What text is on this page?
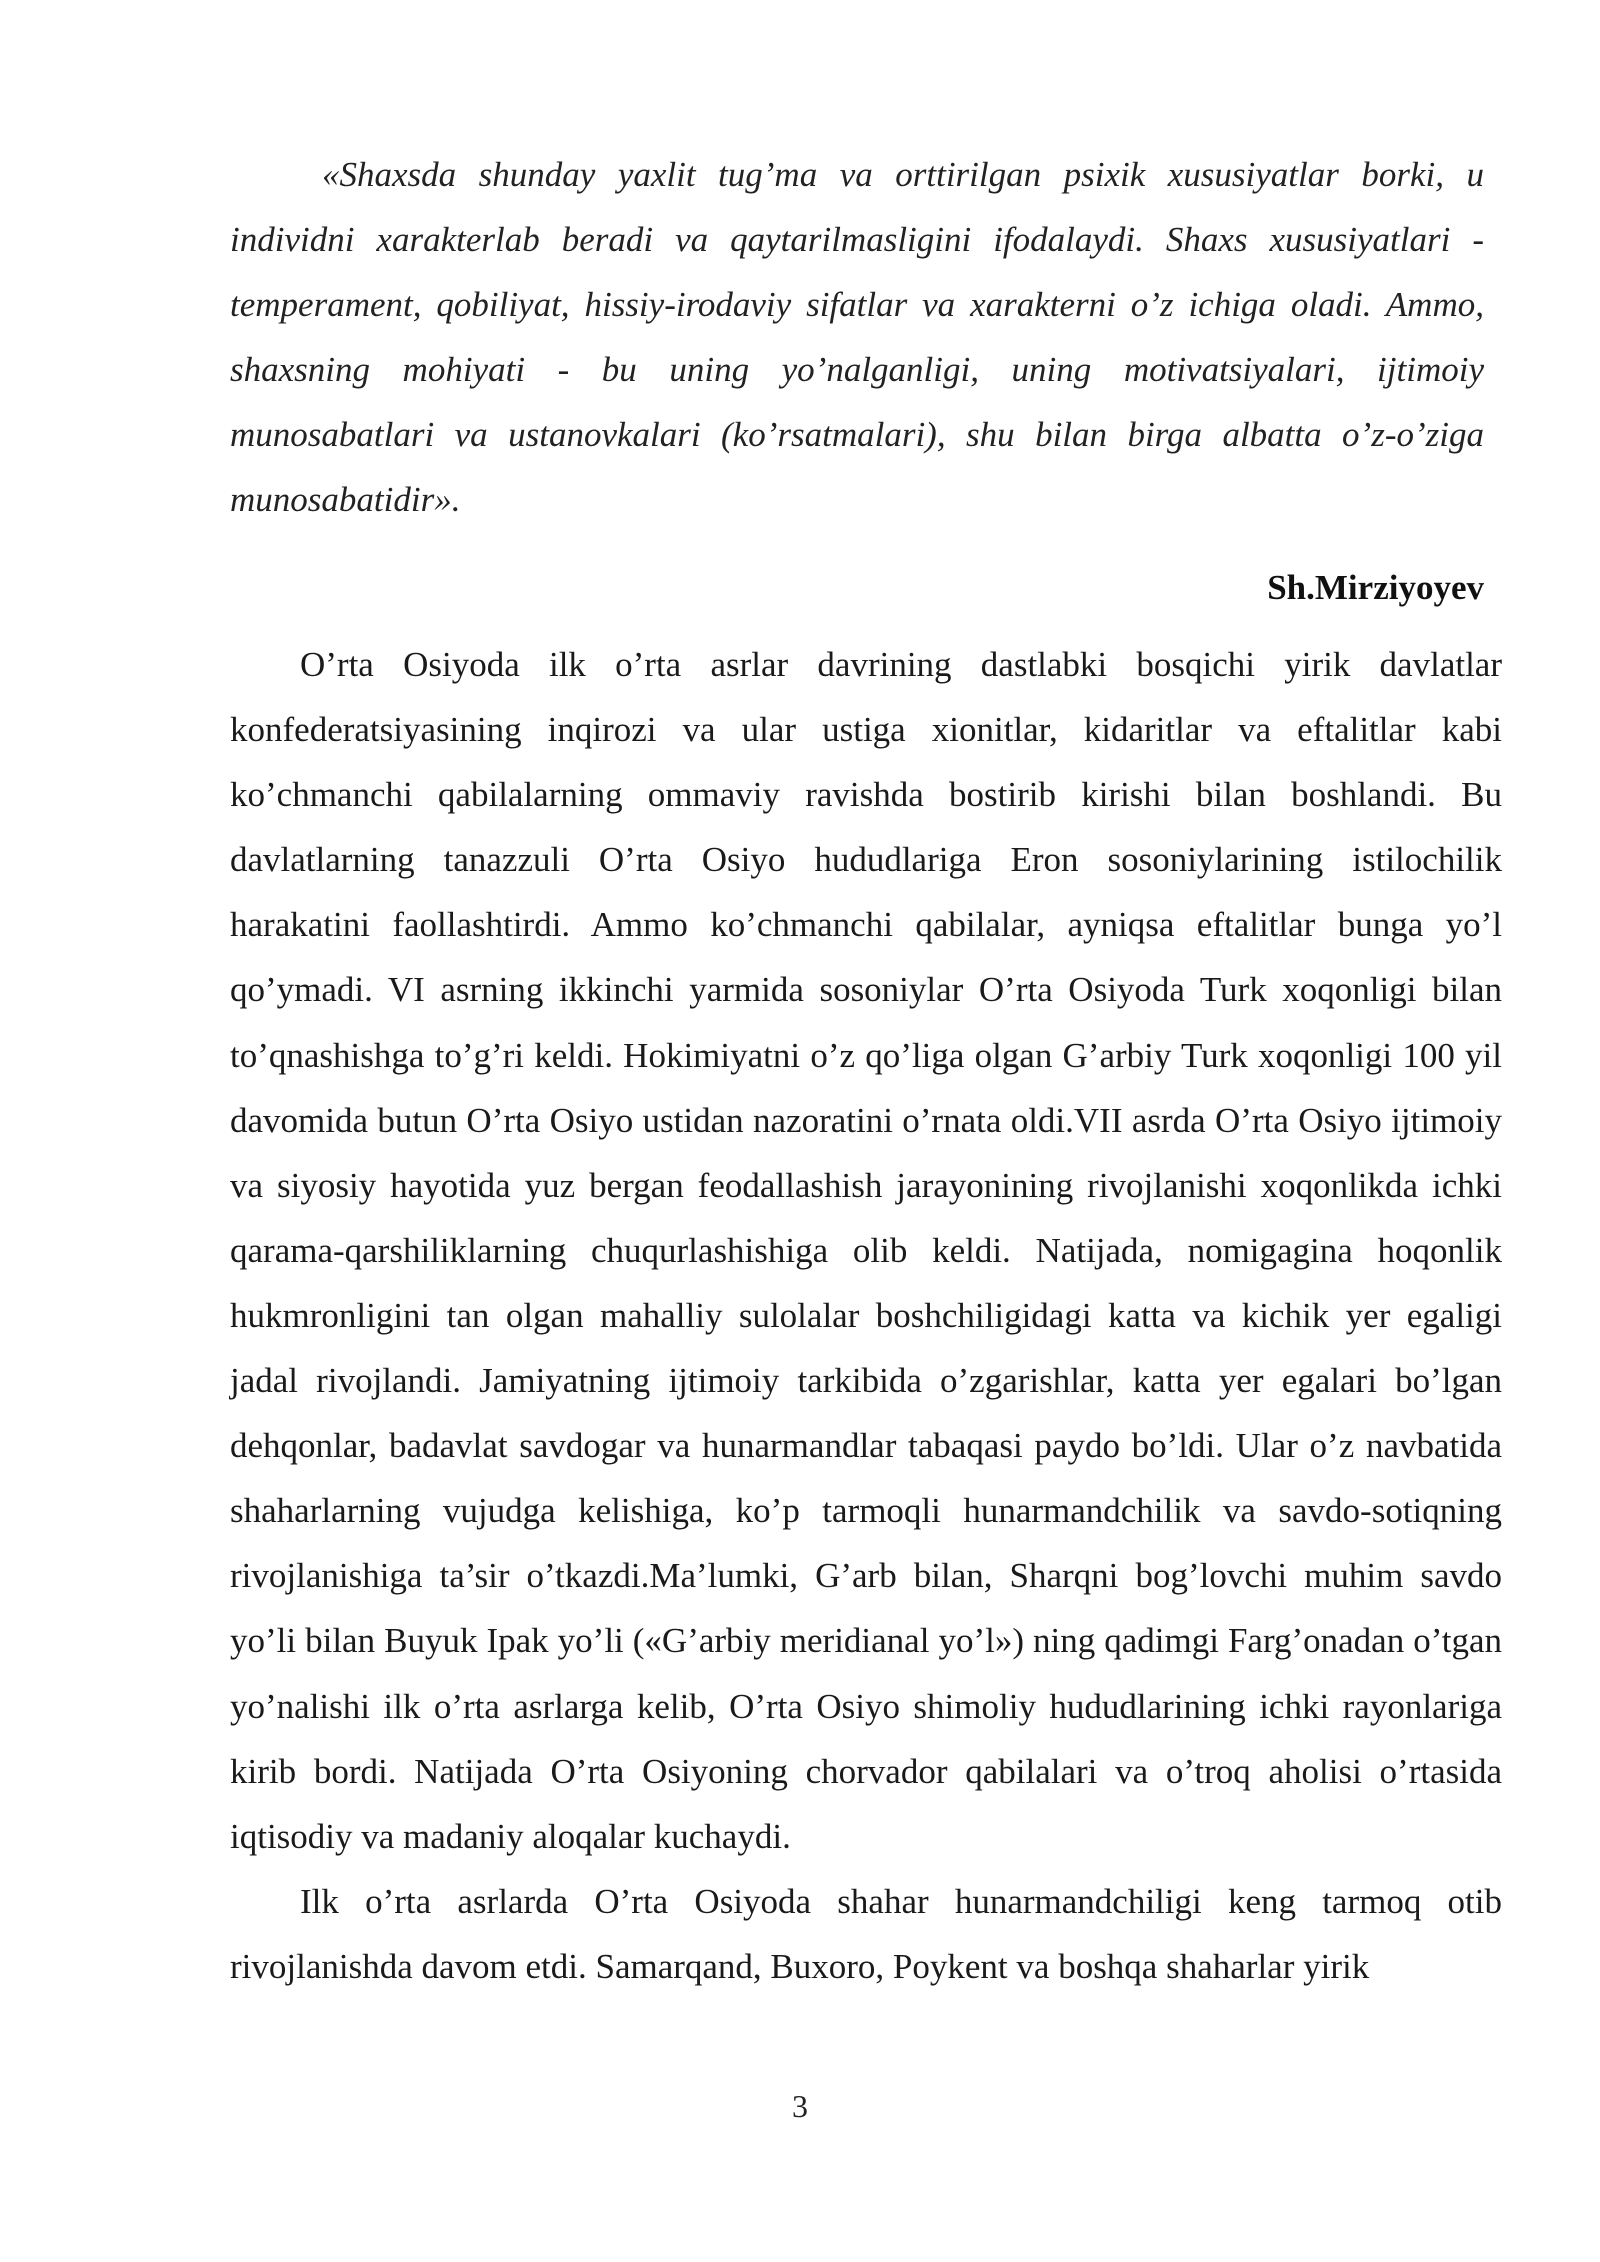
«Shaxsda shunday yaxlit tug’ma va orttirilgan psixik xususiyatlar borki, u individni xarakterlab beradi va qaytarilmasligini ifodalaydi. Shaxs xususiyatlari - temperament, qobiliyat, hissiy-irodaviy sifatlar va xarakterni o’z ichiga oladi. Ammo, shaxsning mohiyati - bu uning yo’nalganligi, uning motivatsiyalari, ijtimoiy munosabatlari va ustanovkalari (ko’rsatmalari), shu bilan birga albatta o’z-o’ziga munosabatidir».

Sh.Mirziyoyev

O’rta Osiyoda ilk o’rta asrlar davrining dastlabki bosqichi yirik davlatlar konfederatsiyasining inqirozi va ular ustiga xionitlar, kidaritlar va eftalitlar kabi ko’chmanchi qabilalarning ommaviy ravishda bostirib kirishi bilan boshlandi. Bu davlatlarning tanazzuli O’rta Osiyo hududlariga Eron sosoniylarining istilochilik harakatini faollashtirdi. Ammo ko’chmanchi qabilalar, ayniqsa eftalitlar bunga yo’l qo’ymadi. VI asrning ikkinchi yarmida sosoniylar O’rta Osiyoda Turk xoqonligi bilan to’qnashishga to’g’ri keldi. Hokimiyatni o’z qo’liga olgan G’arbiy Turk xoqonligi 100 yil davomida butun O’rta Osiyo ustidan nazoratini o’rnata oldi.VII asrda O’rta Osiyo ijtimoiy va siyosiy hayotida yuz bergan feodallashish jarayonining rivojlanishi xoqonlikda ichki qarama-qarshiliklarning chuqurlashishiga olib keldi. Natijada, nomigagina hoqonlik hukmronligini tan olgan mahalliy sulolalar boshchiligidagi katta va kichik yer egaligi jadal rivojlandi. Jamiyatning ijtimoiy tarkibida o’zgarishlar, katta yer egalari bo’lgan dehqonlar, badavlat savdogar va hunarmandlar tabaqasi paydo bo’ldi. Ular o’z navbatida shaharlarning vujudga kelishiga, ko’p tarmoqli hunarmandchilik va savdo-sotiqning rivojlanishiga ta’sir o’tkazdi.Ma’lumki, G’arb bilan, Sharqni bog’lovchi muhim savdo yo’li bilan Buyuk Ipak yo’li («G’arbiy meridianal yo’l») ning qadimgi Farg’onadan o’tgan yo’nalishi ilk o’rta asrlarga kelib, O’rta Osiyo shimoliy hududlarining ichki rayonlariga kirib bordi. Natijada O’rta Osiyoning chorvador qabilalari va o’troq aholisi o’rtasida iqtisodiy va madaniy aloqalar kuchaydi.

Ilk o’rta asrlarda O’rta Osiyoda shahar hunarmandchiligi keng tarmoq otib rivojlanishda davom etdi. Samarqand, Buxoro, Poykent va boshqa shaharlar yirik

3
